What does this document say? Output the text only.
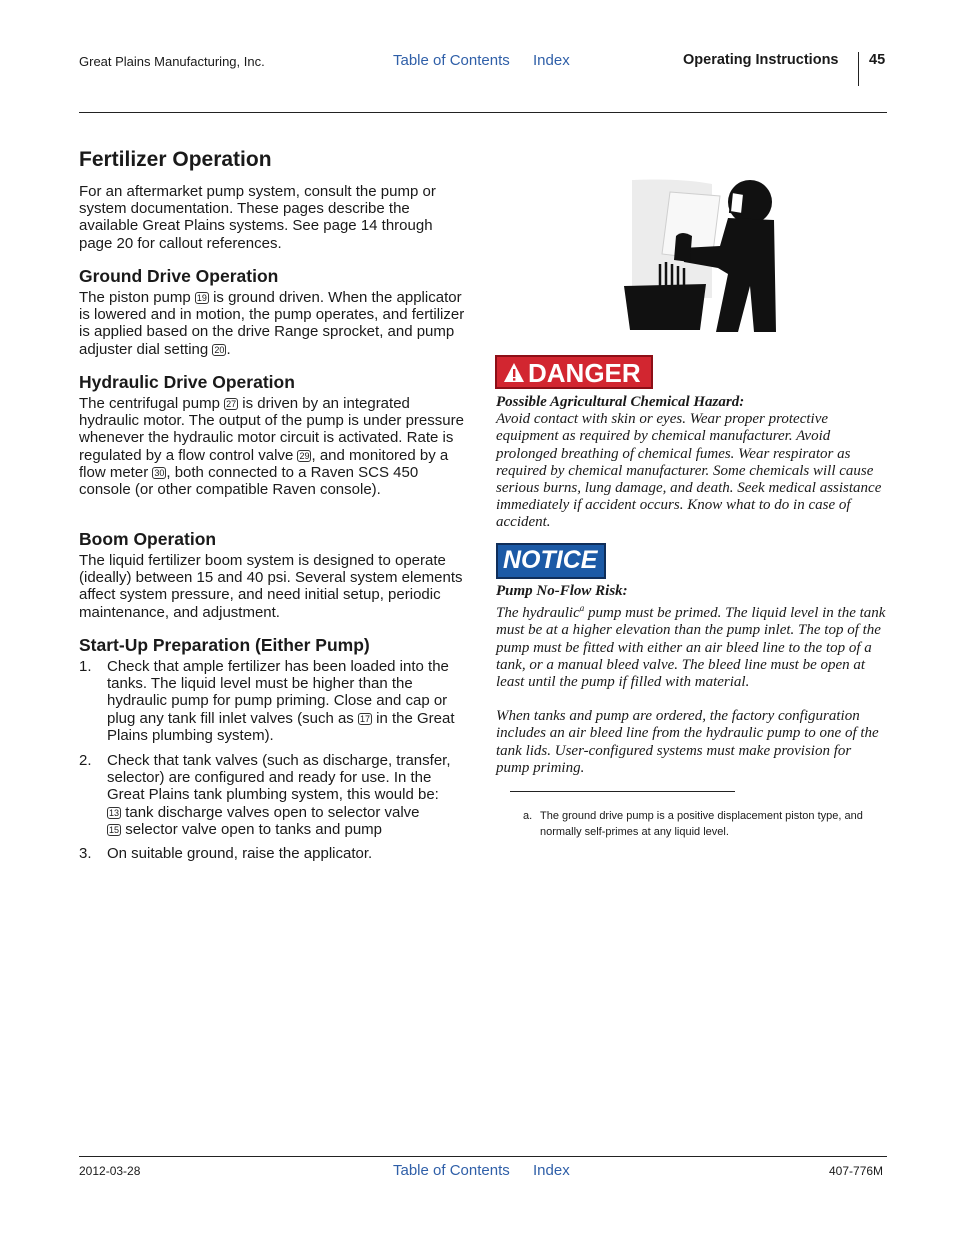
Great Plains Manufacturing, Inc.	Table of Contents Index	Operating Instructions 45
Fertilizer Operation

For an aftermarket pump system, consult the pump or system documentation. These pages describe the available Great Plains systems. See page 14 through page 20 for callout references.

Ground Drive Operation

The piston pump 19 is ground driven. When the applicator is lowered and in motion, the pump operates, and fertilizer is applied based on the drive Range sprocket, and pump adjuster dial setting 20 .

Hydraulic Drive Operation

The centrifugal pump 27 is driven by an integrated hydraulic motor. The output of the pump is under pressure whenever the hydraulic motor circuit is activated. Rate is regulated by a flow control valve 29 , and monitored by a flow meter 30 , both connected to a Raven SCS 450 console (or other compatible Raven console).

Boom Operation

The liquid fertilizer boom system is designed to operate (ideally) between 15 and 40 psi. Several system elements affect system pressure, and need initial setup, periodic maintenance, and adjustment.

Start-Up Preparation (Either Pump)
1. Check that ample fertilizer has been loaded into the tanks. The liquid level must be higher than the hydraulic pump for pump priming. Close and cap or plug any tank fill inlet valves (such as 17 in the Great Plains plumbing system).
2. Check that tank valves (such as discharge, transfer, selector) are configured and ready for use. In the Great Plains tank plumbing system, this would be:
13 tank discharge valves open to selector valve
15 selector valve open to tanks and pump
3. On suitable ground, raise the applicator.
DANGER
Possible Agricultural Chemical Hazard:
Avoid contact with skin or eyes. Wear proper protective equipment as required by chemical manufacturer. Avoid prolonged breathing of chemical fumes. Wear respirator as required by chemical manufacturer. Some chemicals will cause serious burns, lung damage, and death. Seek medical assistance immediately if accident occurs. Know what to do in case of accident.
NOTICE
Pump No-Flow Risk:
The hydraulic$^a$ pump must be primed. The liquid level in the tank must be at a higher elevation than the pump inlet. The top of the pump must be fitted with either an air bleed line to the top of a tank, or a manual bleed valve. The bleed line must be open at least until the pump if filled with material.
When tanks and pump are ordered, the factory configuration includes an air bleed line from the hydraulic pump to one of the tank lids. User-configured systems must make provision for pump priming.
a. The ground drive pump is a positive displacement piston type, and normally self-primes at any liquid level.
2012-03-28	Table of Contents Index	407-776M
